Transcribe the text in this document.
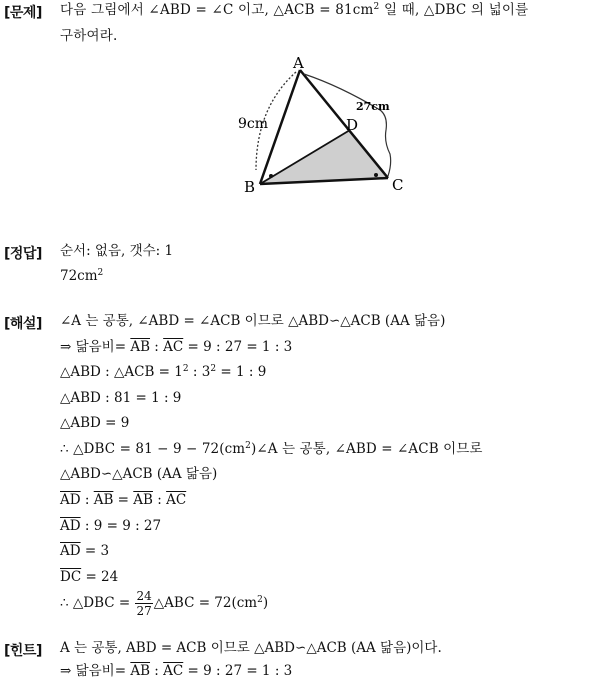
[문제] 다음 그림에서 ∠ABD = ∠C 이고, △ACB = $81cm^2$ 일 때, △DBC 의 넓이를
구하여라.
A
B	C
D
9cm
27cm
[정답] 순서: 없음, 갯수: 1
$72cm^2$
[해설] ∠A 는 공통, ∠ABD = ∠ACB 이므로 △ABD∽△ACB (AA 닮음)
⇒ 닮음비= $\overline{AB}$ : $\overline{AC} = 9$ : 27 = 1 : 3
△ABD : △ACB = $1^2$ : $3^2 = 1$ : 9
△ABD : 81 = 1 : 9
△ABD = 9
∴ △DBC = $81 - 9 - 72(cm^2)\angle A$ 는 공통, ∠ABD = ∠ACB 이므로
△ABD∽△ACB (AA 닮음)
$\overline{AD}$ : $\overline{AB} = \overline{AB}$ : $\overline{AC}$
$\overline{AD}$ : 9 = 9 : 27
$\overline{AD} = 3$
$\overline{DC} = 24$
∴ △DBC = $\frac{24}{27}$ △ABC = $72(cm^2)$
[힌트] A 는 공통, ABD = ACB 이므로 △ABD∽△ACB (AA 닮음)이다.
⇒ 닮음비= $\overline{AB}$ : $\overline{AC} = 9$ : 27 = 1 : 3
